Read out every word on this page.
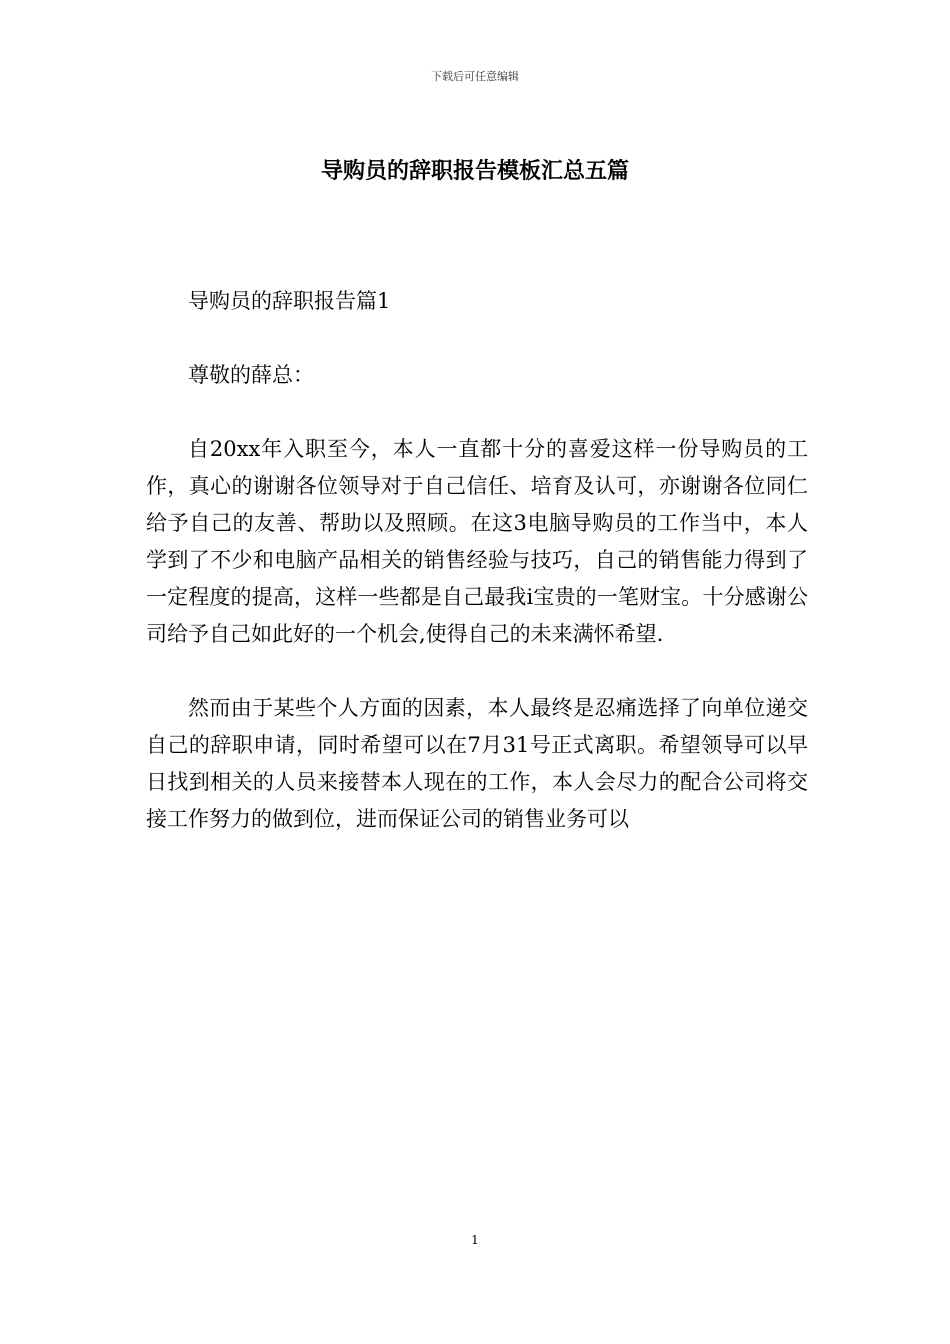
下载后可任意编辑
导购员的辞职报告模板汇总五篇

导购员的辞职报告篇1

尊敬的薛总：

自20xx年入职至今，本人一直都十分的喜爱这样一份导购员的工作，真心的谢谢各位领导对于自己信任、培育及认可，亦谢谢各位同仁给予自己的友善、帮助以及照顾。在这3电脑导购员的工作当中，本人学到了不少和电脑产品相关的销售经验与技巧，自己的销售能力得到了一定程度的提高，这样一些都是自己最我i宝贵的一笔财宝。十分感谢公司给予自己如此好的一个机会,使得自己的未来满怀希望.

然而由于某些个人方面的因素，本人最终是忍痛选择了向单位递交自己的辞职申请，同时希望可以在7月31号正式离职。希望领导可以早日找到相关的人员来接替本人现在的工作，本人会尽力的配合公司将交接工作努力的做到位，进而保证公司的销售业务可以

1
